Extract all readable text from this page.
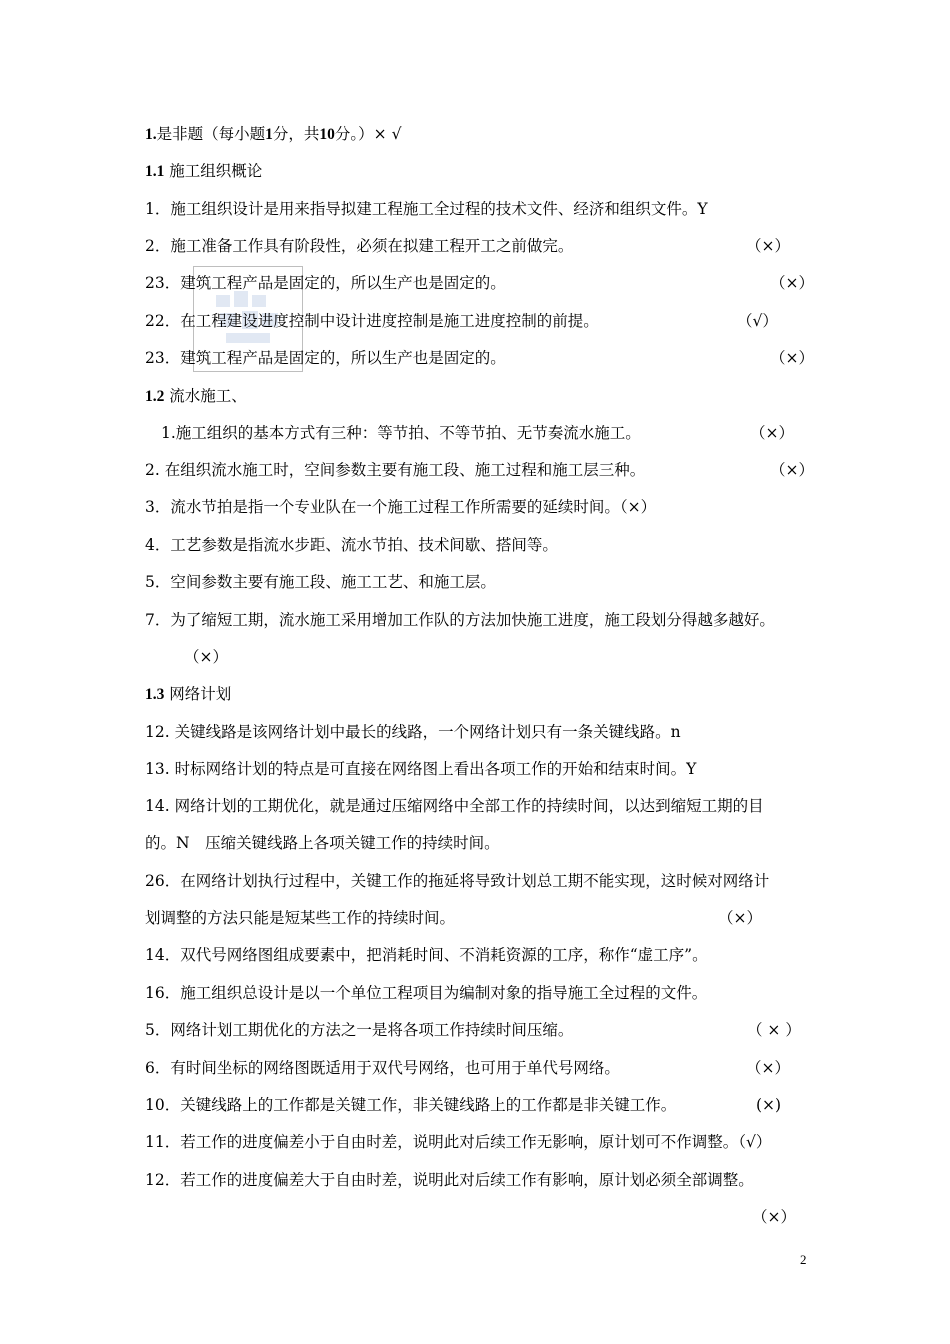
1.是非题（每小题1分，共10分。）× √
1.1 施工组织概论
1．施工组织设计是用来指导拟建工程施工全过程的技术文件、经济和组织文件。Y
2．施工准备工作具有阶段性，必须在拟建工程开工之前做完。	（×）
23．建筑工程产品是固定的，所以生产也是固定的。	（×）
22．在工程建设进度控制中设计进度控制是施工进度控制的前提。	（√）
23．建筑工程产品是固定的，所以生产也是固定的。	（×）
1.2 流水施工、
1.施工组织的基本方式有三种：等节拍、不等节拍、无节奏流水施工。	（×）
2. 在组织流水施工时，空间参数主要有施工段、施工过程和施工层三种。	（×）
3．流水节拍是指一个专业队在一个施工过程工作所需要的延续时间。（×）
4．工艺参数是指流水步距、流水节拍、技术间歇、搭间等。
5．空间参数主要有施工段、施工工艺、和施工层。
7．为了缩短工期，流水施工采用增加工作队的方法加快施工进度，施工段划分得越多越好。
（×）
1.3 网络计划
12. 关键线路是该网络计划中最长的线路，一个网络计划只有一条关键线路。n
13. 时标网络计划的特点是可直接在网络图上看出各项工作的开始和结束时间。Y
14. 网络计划的工期优化，就是通过压缩网络中全部工作的持续时间，以达到缩短工期的目
的。N　压缩关键线路上各项关键工作的持续时间。
26．在网络计划执行过程中，关键工作的拖延将导致计划总工期不能实现，这时候对网络计
划调整的方法只能是短某些工作的持续时间。	（×）
14．双代号网络图组成要素中，把消耗时间、不消耗资源的工序，称作“虚工序”。
16．施工组织总设计是以一个单位工程项目为编制对象的指导施工全过程的文件。
5．网络计划工期优化的方法之一是将各项工作持续时间压缩。	（ × ）
6．有时间坐标的网络图既适用于双代号网络，也可用于单代号网络。	（×）
10．关键线路上的工作都是关键工作，非关键线路上的工作都是非关键工作。	(×)
11．若工作的进度偏差小于自由时差，说明此对后续工作无影响，原计划可不作调整。（√）
12．若工作的进度偏差大于自由时差，说明此对后续工作有影响，原计划必须全部调整。
（×）
2
